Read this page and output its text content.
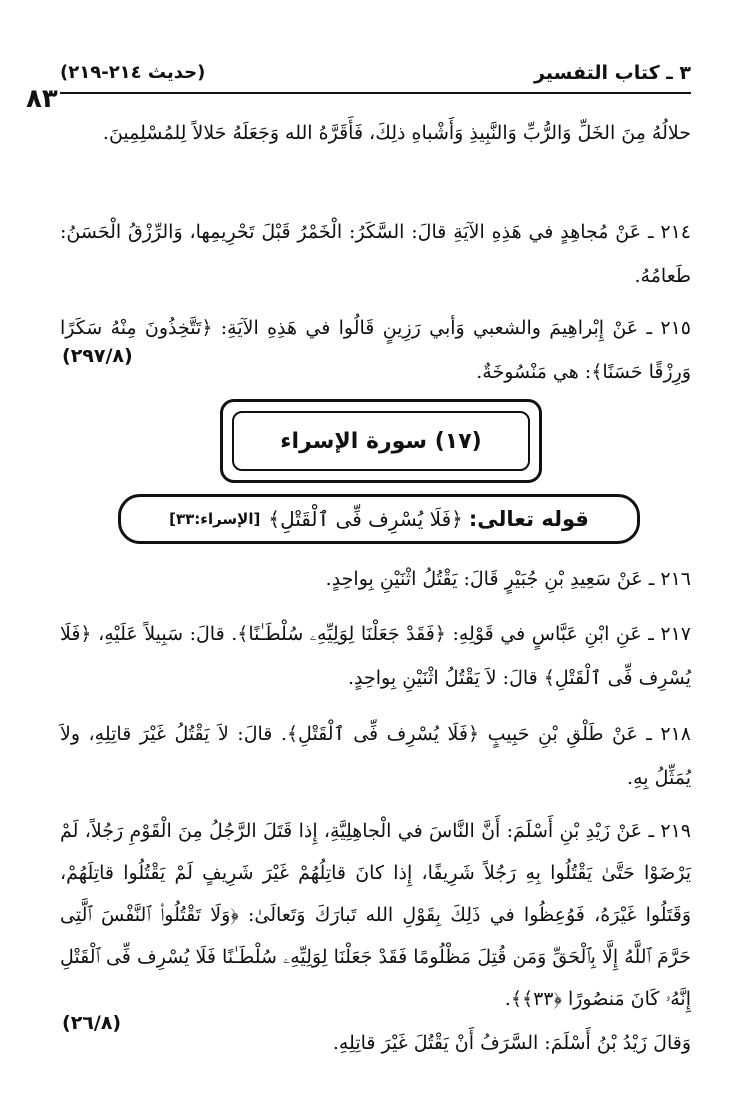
٣ ـ كتاب التفسير
(حديث ٢١٤-٢١٩)
٨٣
حلالُهُ مِنَ الخَلِّ وَالرُّبِّ وَالنَّبِيذِ وَأَشْباهِ ذلِكَ، فَأَقَرَّهُ الله وَجَعَلَهُ حَلالاً لِلمُسْلِمِينَ.
٢١٤ ـ عَنْ مُجاهِدٍ في هَذِهِ الآيَةِ قالَ: السَّكَرُ: الْخَمْرُ قَبْلَ تَحْرِيمِها، وَالرِّزْقُ الْحَسَنُ: طَعامُهُ.
٢١٥ ـ عَنْ إِبْراهِيمَ والشعبي وَأبي رَزِينٍ قَالُوا في هَذِهِ الآيَةِ: ﴿تَتَّخِذُونَ مِنْهُ سَكَرًا وَرِزْقًا حَسَنًا﴾: هي مَنْسُوخَةٌ.
(٢٩٧/٨)
(١٧) سورة الإسراء
قوله تعالى:
﴿فَلَا يُسْرِف فِّى ٱلْقَتْلِ﴾
[الإسراء:٣٣]
٢١٦ ـ عَنْ سَعِيدِ بْنِ جُبَيْرٍ قَالَ: يَقْتُلُ اثْنَيْنِ بِواحِدٍ.
٢١٧ ـ عَنِ ابْنِ عَبَّاسٍ في قَوْلِهِ: ﴿فَقَدْ جَعَلْنَا لِوَلِيِّهِۦ سُلْطَـٰنًا﴾. قالَ: سَبِيلاً عَلَيْهِ، ﴿فَلَا يُسْرِف فِّى ٱلْقَتْلِ﴾ قالَ: لاَ يَقْتُلُ اثْنَيْنِ بِواحِدٍ.
٢١٨ ـ عَنْ طَلْقِ بْنِ حَبِيبٍ ﴿فَلَا يُسْرِف فِّى ٱلْقَتْلِ﴾. قالَ: لاَ يَقْتُلُ غَيْرَ قاتِلِهِ، ولاَ يُمَثِّلُ بِهِ.
٢١٩ ـ عَنْ زَيْدِ بْنِ أَسْلَمَ: أَنَّ النَّاسَ في الْجاهِلِيَّةِ، إِذا قَتَلَ الرَّجُلُ مِنَ الْقَوْمِ رَجُلاً، لَمْ يَرْضَوْا حَتَّىٰ يَقْتُلُوا بِهِ رَجُلاً شَرِيفًا، إِذا كانَ قاتِلُهُمْ غَيْرَ شَرِيفٍ لَمْ يَقْتُلُوا قاتِلَهُمْ، وَقَتَلُوا غَيْرَهُ، فَوُعِظُوا في ذَلِكَ بِقَوْلِ الله تَبارَكَ وَتَعالَىٰ: ﴿وَلَا تَقْتُلُوا۟ ٱلنَّفْسَ ٱلَّتِى حَرَّمَ ٱللَّهُ إِلَّا بِٱلْحَقِّ وَمَن قُتِلَ مَظْلُومًا فَقَدْ جَعَلْنَا لِوَلِيِّهِۦ سُلْطَـٰنًا فَلَا يُسْرِف فِّى ٱلْقَتْلِ إِنَّهُۥ كَانَ مَنصُورًا ﴿٣٣﴾﴾.
وَقالَ زَيْدُ بْنُ أَسْلَمَ: السَّرَفُ أَنْ يَقْتُلَ غَيْرَ قاتِلِهِ.
(٢٦/٨)
